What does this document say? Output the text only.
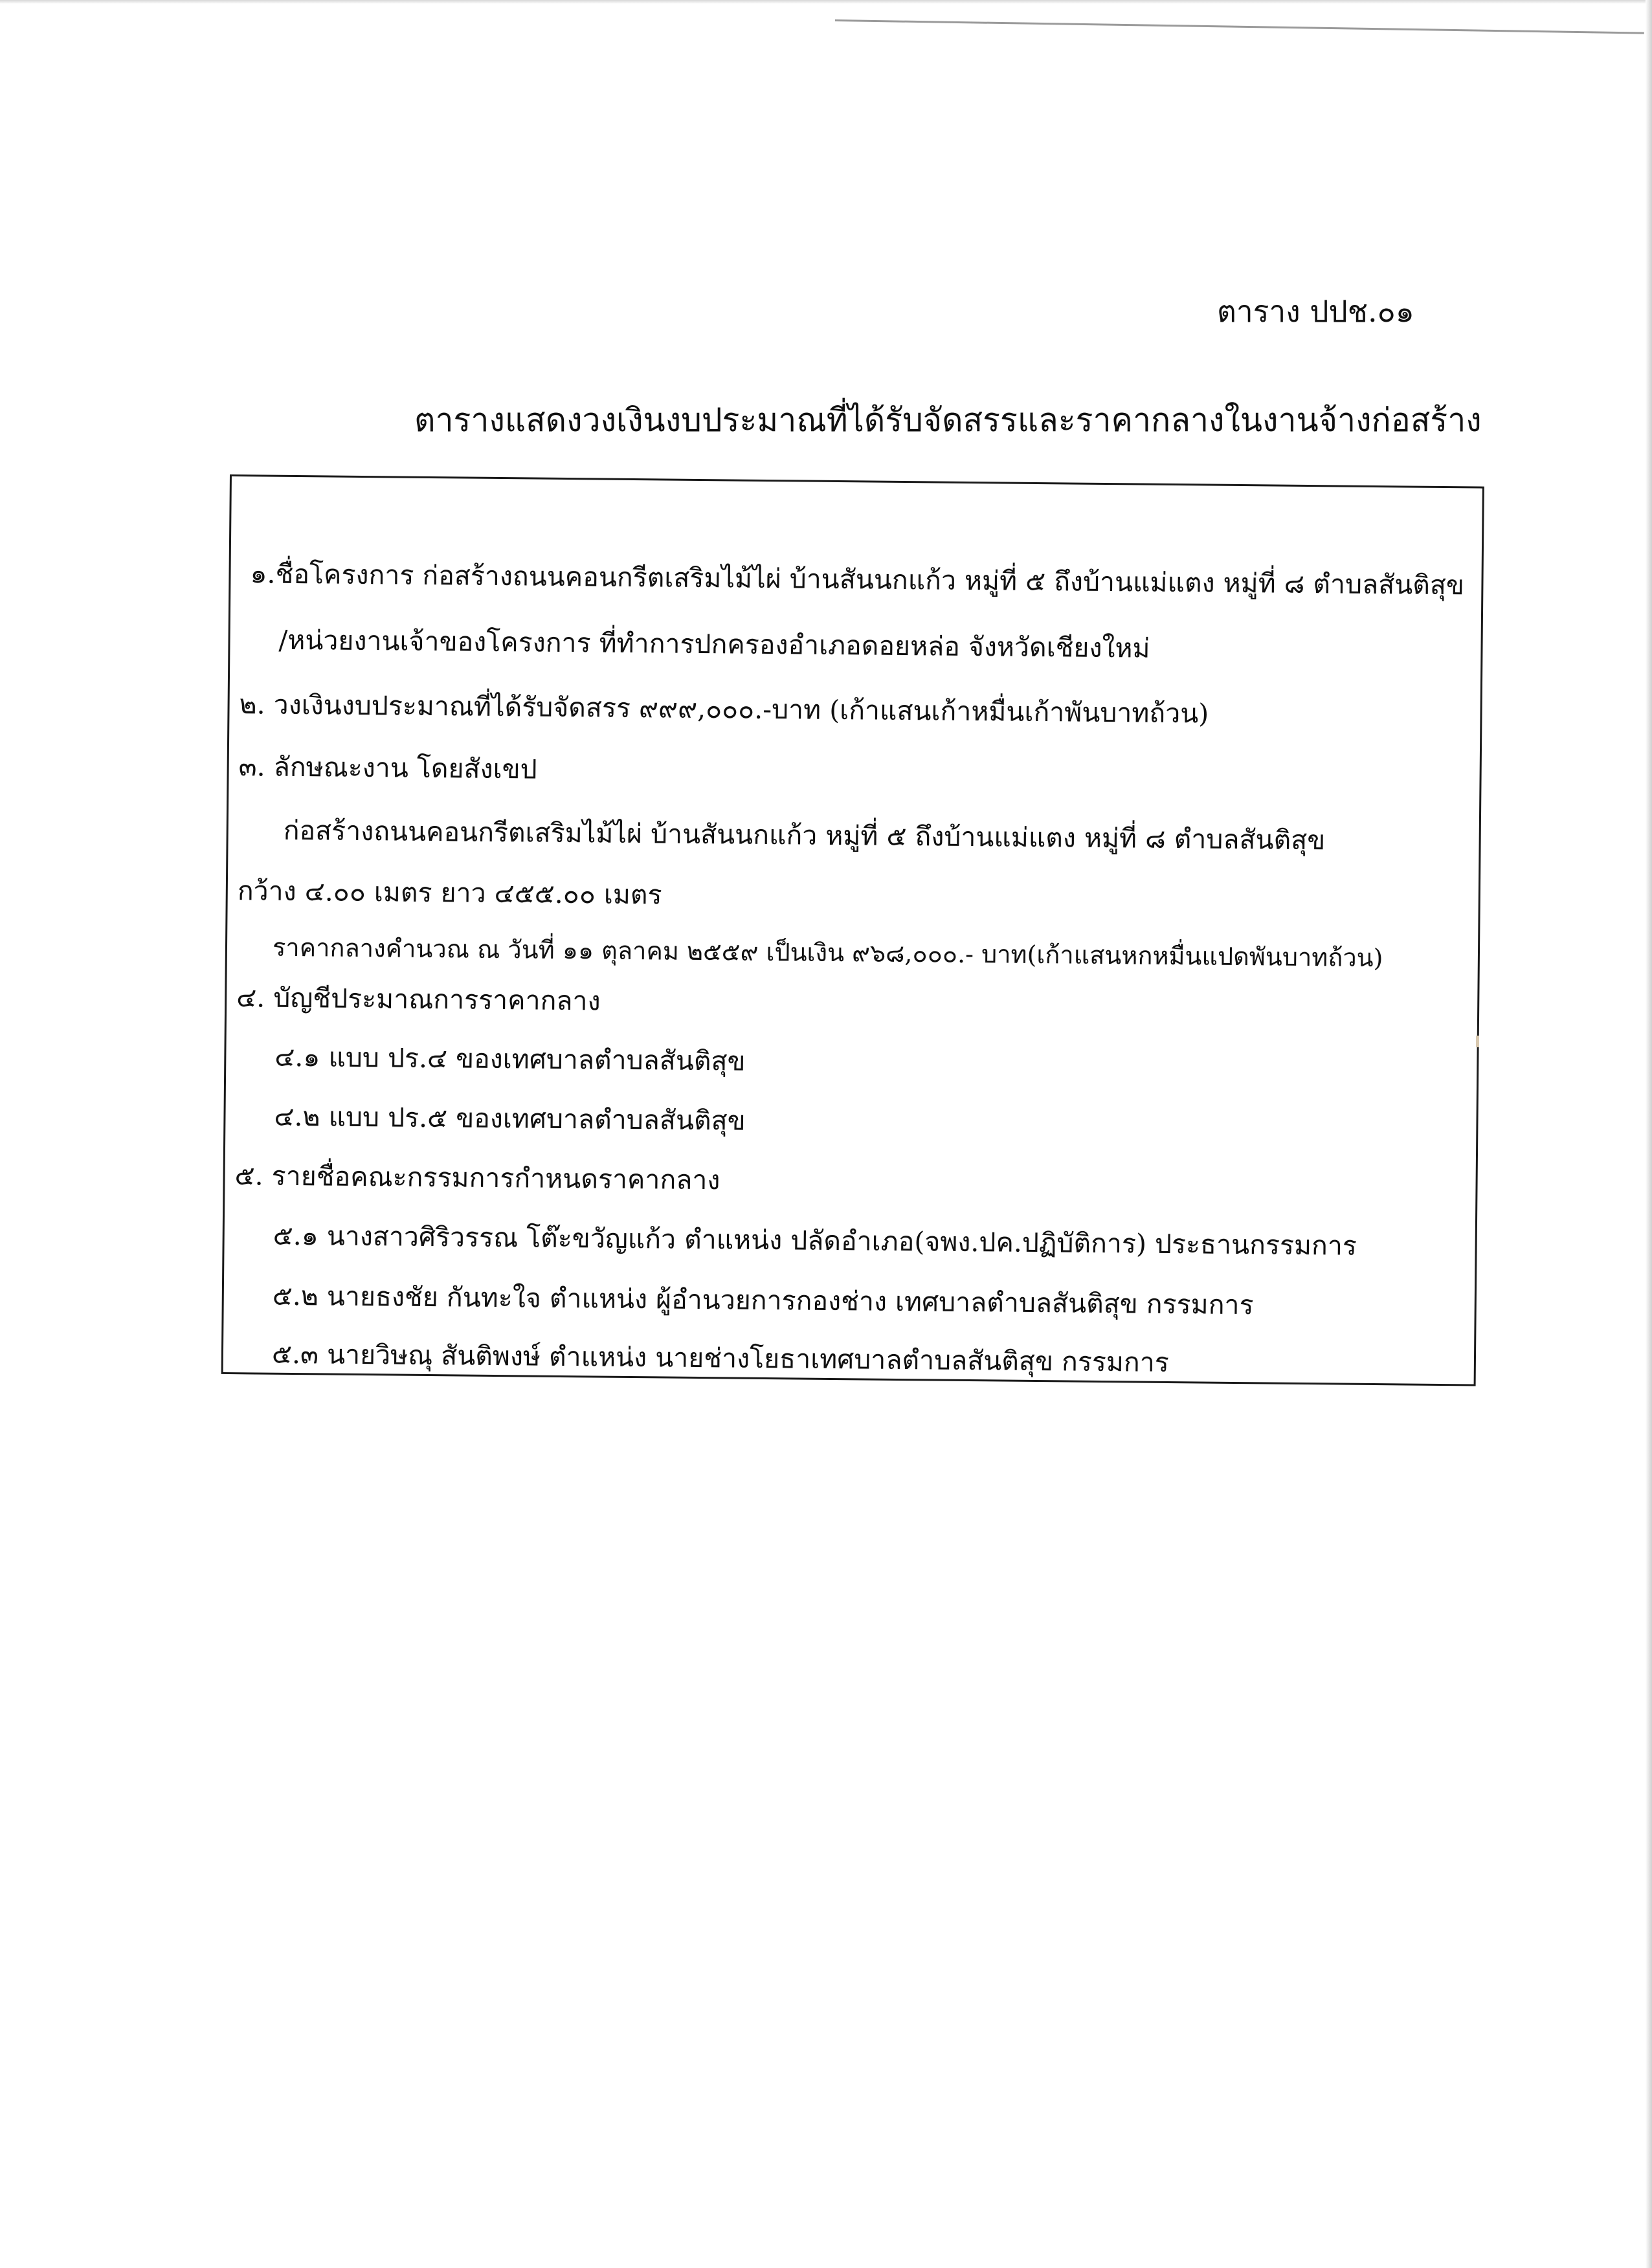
ตาราง ปปช.๐๑
ตารางแสดงวงเงินงบประมาณที่ได้รับจัดสรรและราคากลางในงานจ้างก่อสร้าง
๑.ชื่อโครงการ ก่อสร้างถนนคอนกรีตเสริมไม้ไผ่ บ้านสันนกแก้ว หมู่ที่ ๕ ถึงบ้านแม่แตง หมู่ที่ ๘ ตำบลสันติสุข
/หน่วยงานเจ้าของโครงการ ที่ทำการปกครองอำเภอดอยหล่อ จังหวัดเชียงใหม่
๒. วงเงินงบประมาณที่ได้รับจัดสรร ๙๙๙,๐๐๐.-บาท (เก้าแสนเก้าหมื่นเก้าพันบาทถ้วน)
๓. ลักษณะงาน โดยสังเขป
ก่อสร้างถนนคอนกรีตเสริมไม้ไผ่ บ้านสันนกแก้ว หมู่ที่ ๕ ถึงบ้านแม่แตง หมู่ที่ ๘ ตำบลสันติสุข
กว้าง ๔.๐๐ เมตร ยาว ๔๕๕.๐๐ เมตร
ราคากลางคำนวณ ณ วันที่ ๑๑ ตุลาคม ๒๕๕๙ เป็นเงิน ๙๖๘,๐๐๐.- บาท(เก้าแสนหกหมื่นแปดพันบาทถ้วน)
๔. บัญชีประมาณการราคากลาง
๔.๑ แบบ ปร.๔ ของเทศบาลตำบลสันติสุข
๔.๒ แบบ ปร.๕ ของเทศบาลตำบลสันติสุข
๕. รายชื่อคณะกรรมการกำหนดราคากลาง
๕.๑ นางสาวศิริวรรณ โต๊ะขวัญแก้ว ตำแหน่ง ปลัดอำเภอ(จพง.ปค.ปฏิบัติการ) ประธานกรรมการ
๕.๒ นายธงชัย กันทะใจ ตำแหน่ง ผู้อำนวยการกองช่าง เทศบาลตำบลสันติสุข กรรมการ
๕.๓ นายวิษณุ สันติพงษ์ ตำแหน่ง นายช่างโยธาเทศบาลตำบลสันติสุข กรรมการ
